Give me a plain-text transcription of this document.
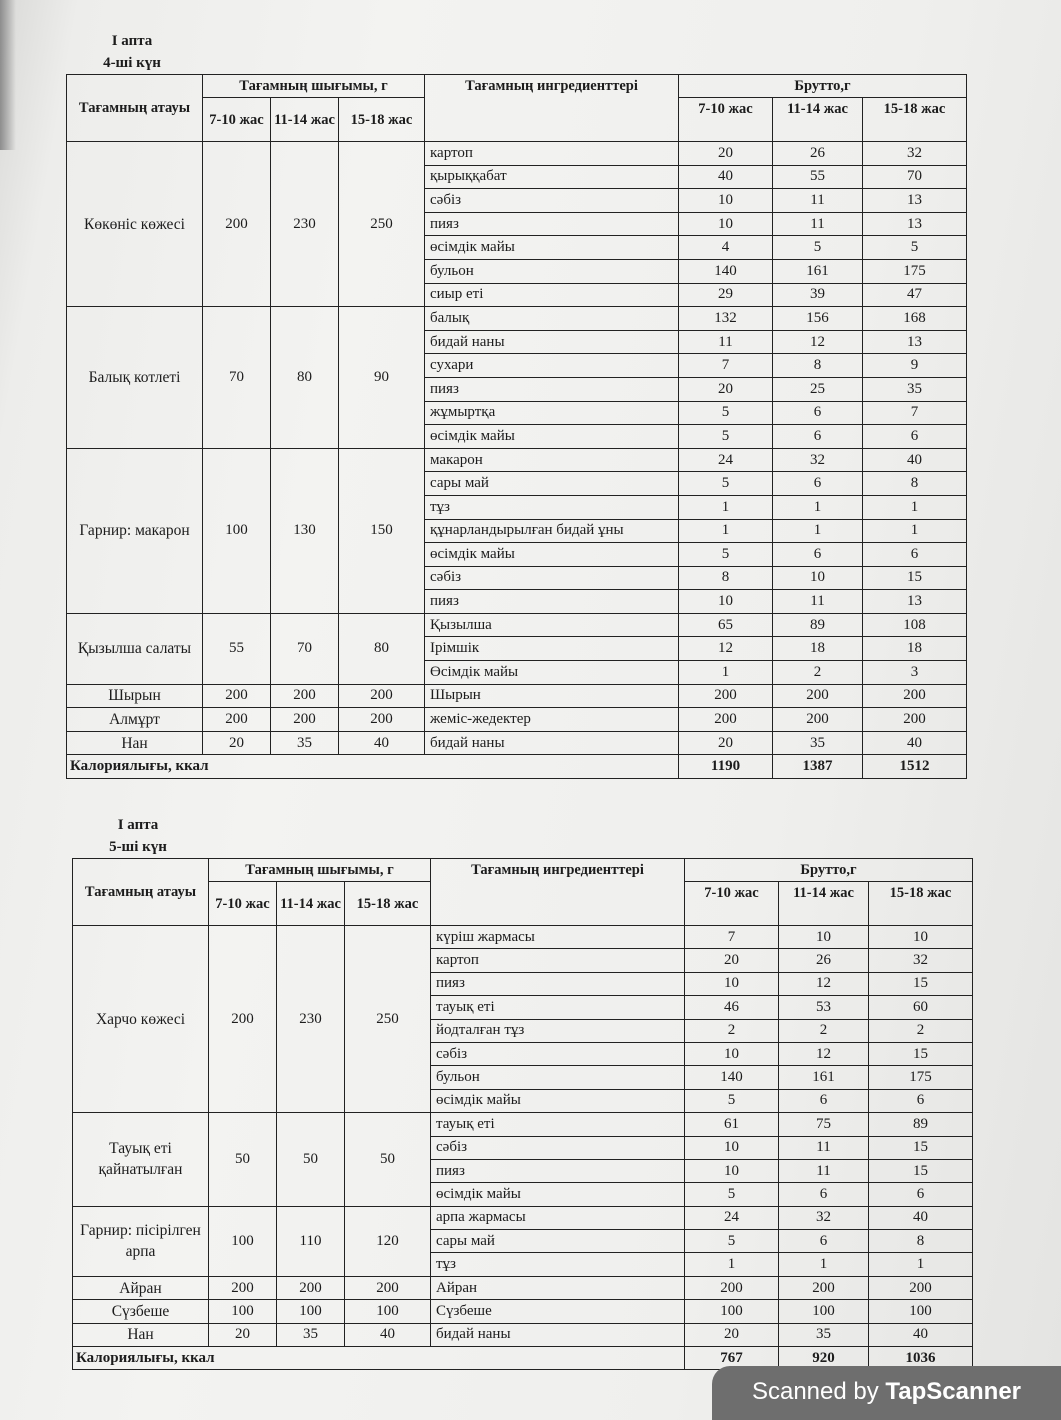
I апта
4-ші күн
Тағамның атауы	Тағамның шығымы, г			Тағамның ингредиенттері	Брутто,г		
	7-10 жас	11-14 жас	15-18 жас		7-10 жас	11-14 жас	15-18 жас
Көкөніс көжесі	200	230	250	картоп	20	26	32
				қырыққабат	40	55	70
				сәбіз	10	11	13
				пияз	10	11	13
				өсімдік майы	4	5	5
				бульон	140	161	175
				сиыр еті	29	39	47
Балық котлеті	70	80	90	балық	132	156	168
				бидай наны	11	12	13
				сухари	7	8	9
				пияз	20	25	35
				жұмыртқа	5	6	7
				өсімдік майы	5	6	6
Гарнир: макарон	100	130	150	макарон	24	32	40
				сары май	5	6	8
				тұз	1	1	1
				құнарландырылған бидай ұны	1	1	1
				өсімдік майы	5	6	6
				сәбіз	8	10	15
				пияз	10	11	13
Қызылша салаты	55	70	80	Қызылша	65	89	108
				Ірімшік	12	18	18
				Өсімдік майы	1	2	3
Шырын	200	200	200	Шырын	200	200	200
Алмұрт	200	200	200	жеміс-жедектер	200	200	200
Нан	20	35	40	бидай наны	20	35	40
Калориялығы, ккал					1190	1387	1512
I апта
5-ші күн
Тағамның атауы	Тағамның шығымы, г			Тағамның ингредиенттері	Брутто,г		
	7-10 жас	11-14 жас	15-18 жас		7-10 жас	11-14 жас	15-18 жас
Харчо көжесі	200	230	250	күріш жармасы	7	10	10
				картоп	20	26	32
				пияз	10	12	15
				тауық еті	46	53	60
				йодталған тұз	2	2	2
				сәбіз	10	12	15
				бульон	140	161	175
				өсімдік майы	5	6	6
Тауық еті қайнатылған	50	50	50	тауық еті	61	75	89
				сәбіз	10	11	15
				пияз	10	11	15
				өсімдік майы	5	6	6
Гарнир: пісірілген арпа	100	110	120	арпа жармасы	24	32	40
				сары май	5	6	8
				тұз	1	1	1
Айран	200	200	200	Айран	200	200	200
Сүзбеше	100	100	100	Сүзбеше	100	100	100
Нан	20	35	40	бидай наны	20	35	40
Калориялығы, ккал					767	920	1036
Scanned by TapScanner
